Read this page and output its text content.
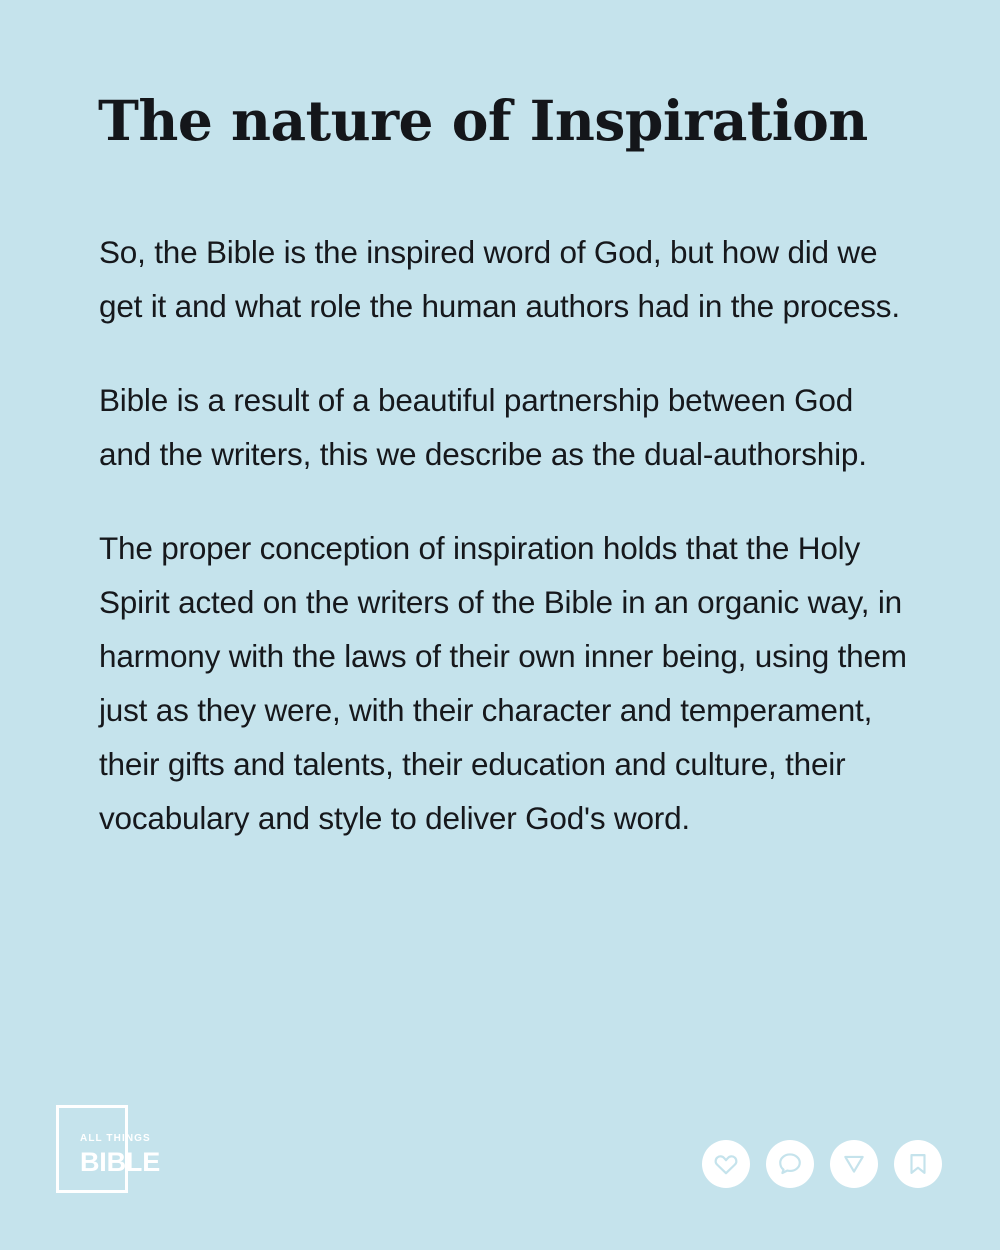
The nature of Inspiration

So, the Bible is the inspired word of God, but how did we get it and what role the human authors had in the process.

Bible is a result of a beautiful partnership between God and the writers, this we describe as the dual-authorship.

The proper conception of inspiration holds that the Holy Spirit acted on the writers of the Bible in an organic way, in harmony with the laws of their own inner being, using them just as they were, with their character and temperament, their gifts and talents, their education and culture, their vocabulary and style to deliver God's word.

ALL THINGS
BIBLE
